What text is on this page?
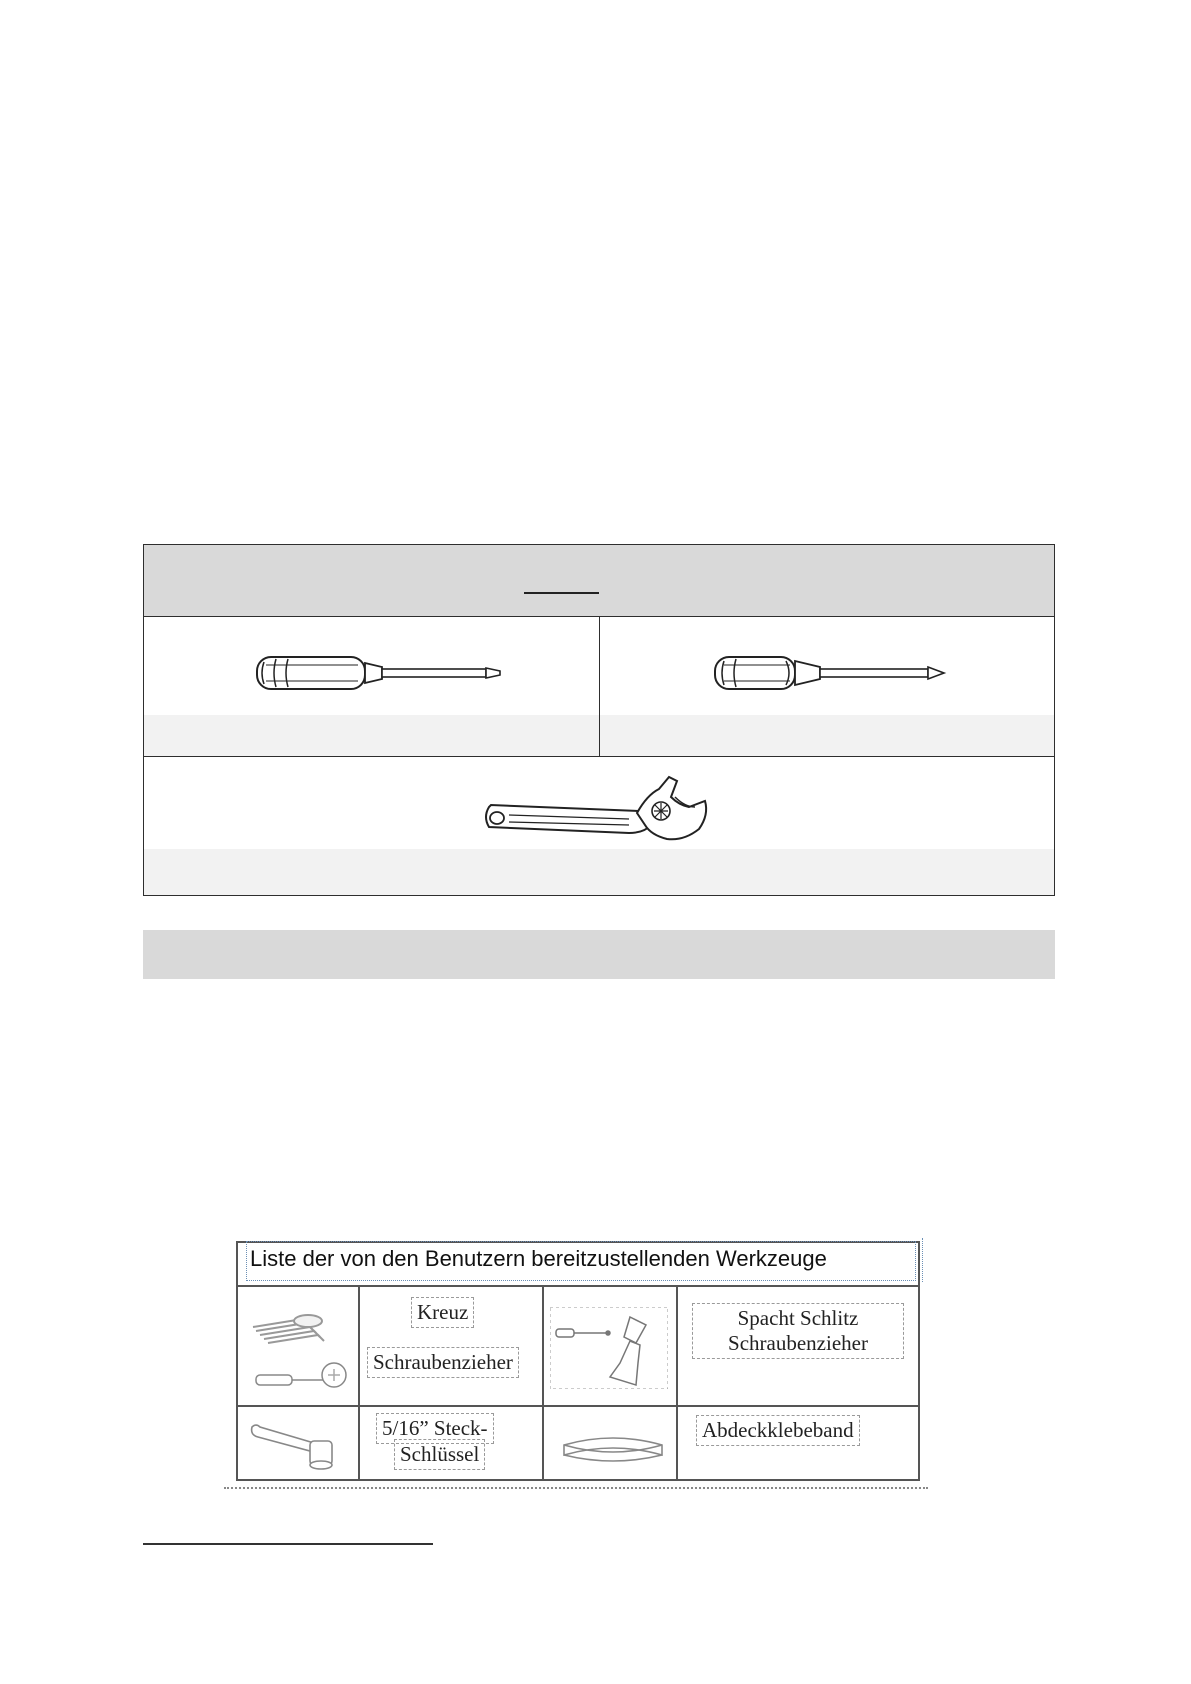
Liste der von den Benutzern bereitzustellenden Werkzeuge
Kreuz
Schraubenzieher
Spacht Schlitz
Schraubenzieher
5/16” Steck-
Schlüssel
Abdeckklebeband
